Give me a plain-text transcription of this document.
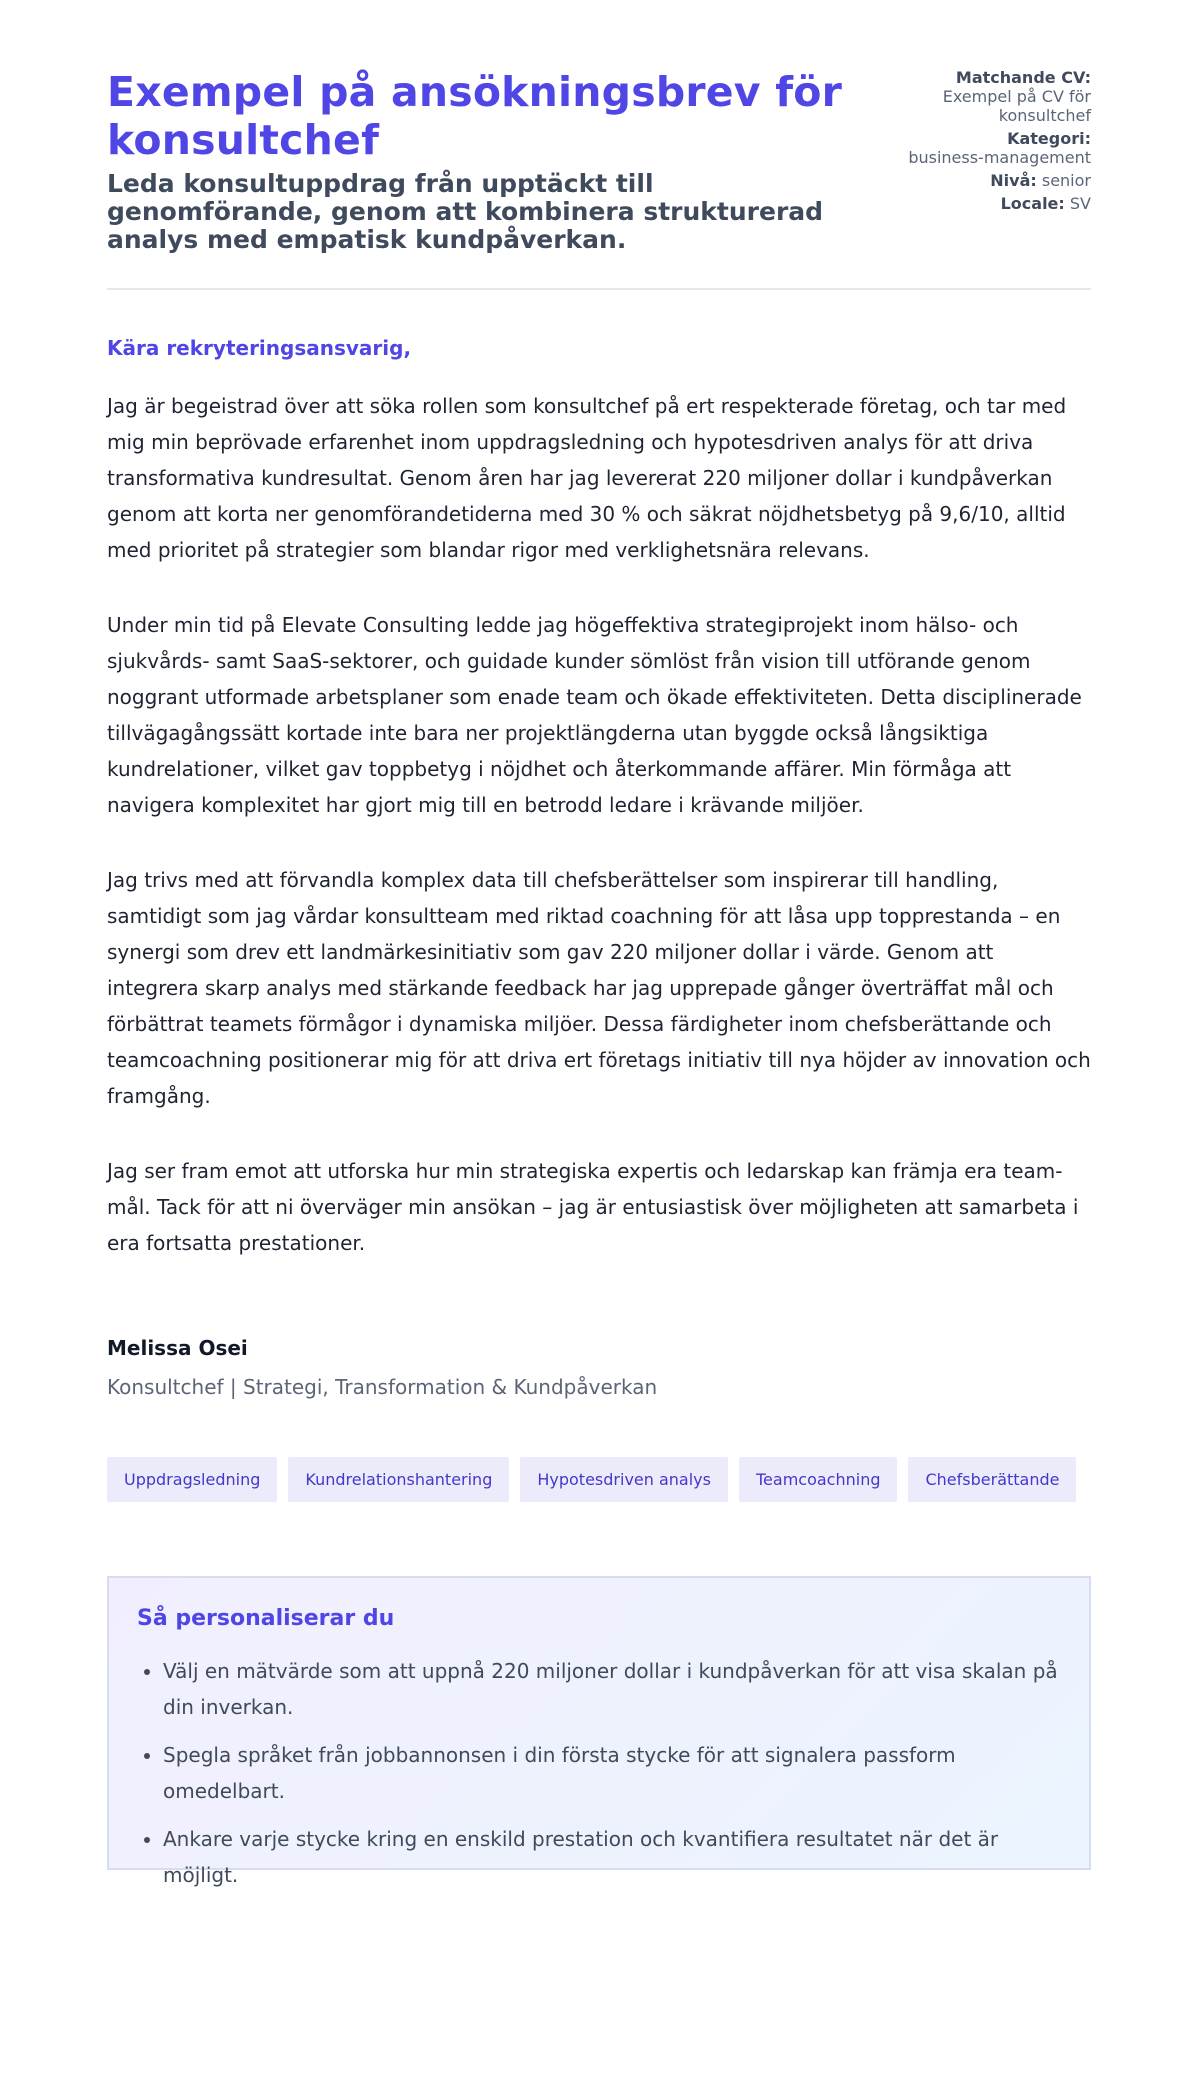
Exempel på ansökningsbrev för konsultchef
Leda konsultuppdrag från upptäckt till genomförande, genom att kombinera strukturerad analys med empatisk kundpåverkan.
Matchande CV:
Exempel på CV för konsultchef
Kategori:
business-management
Nivå: senior
Locale: SV

Kära rekryteringsansvarig,

Jag är begeistrad över att söka rollen som konsultchef på ert respekterade företag, och tar med mig min beprövade erfarenhet inom uppdragsledning och hypotesdriven analys för att driva transformativa kundresultat. Genom åren har jag levererat 220 miljoner dollar i kundpåverkan genom att korta ner genomförandetiderna med 30 % och säkrat nöjdhetsbetyg på 9,6/10, alltid med prioritet på strategier som blandar rigor med verklighetsnära relevans.

Under min tid på Elevate Consulting ledde jag högeffektiva strategiprojekt inom hälso- och sjukvårds- samt SaaS-sektorer, och guidade kunder sömlöst från vision till utförande genom noggrant utformade arbetsplaner som enade team och ökade effektiviteten. Detta disciplinerade tillvägagångssätt kortade inte bara ner projektlängderna utan byggde också långsiktiga kundrelationer, vilket gav toppbetyg i nöjdhet och återkommande affärer. Min förmåga att navigera komplexitet har gjort mig till en betrodd ledare i krävande miljöer.

Jag trivs med att förvandla komplex data till chefsberättelser som inspirerar till handling, samtidigt som jag vårdar konsultteam med riktad coachning för att låsa upp topprestanda – en synergi som drev ett landmärkesinitiativ som gav 220 miljoner dollar i värde. Genom att integrera skarp analys med stärkande feedback har jag upprepade gånger överträffat mål och förbättrat teamets förmågor i dynamiska miljöer. Dessa färdigheter inom chefsberättande och teamcoachning positionerar mig för att driva ert företags initiativ till nya höjder av innovation och framgång.

Jag ser fram emot att utforska hur min strategiska expertis och ledarskap kan främja era team-mål. Tack för att ni överväger min ansökan – jag är entusiastisk över möjligheten att samarbeta i era fortsatta prestationer.

Melissa Osei
Konsultchef | Strategi, Transformation & Kundpåverkan
Uppdragsledning	Kundrelationshantering	Hypotesdriven analys	Teamcoachning	Chefsberättande
Så personaliserar du
• Välj en mätvärde som att uppnå 220 miljoner dollar i kundpåverkan för att visa skalan på din inverkan.
• Spegla språket från jobbannonsen i din första stycke för att signalera passform omedelbart.
• Ankare varje stycke kring en enskild prestation och kvantifiera resultatet när det är möjligt.
